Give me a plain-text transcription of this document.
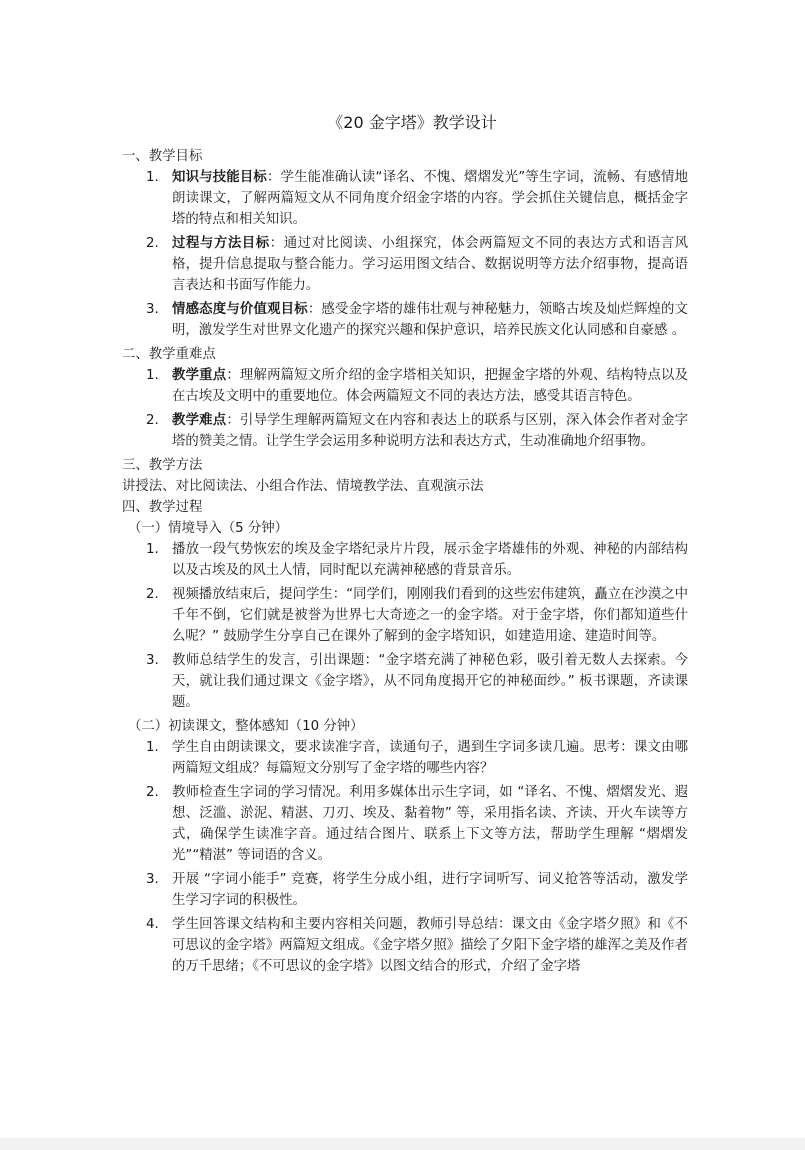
《20 金字塔》教学设计
一、教学目标
1. 知识与技能目标：学生能准确认读“译名、不愧、熠熠发光”等生字词，流畅、有感情地朗读课文，了解两篇短文从不同角度介绍金字塔的内容。学会抓住关键信息，概括金字塔的特点和相关知识。
2. 过程与方法目标：通过对比阅读、小组探究，体会两篇短文不同的表达方式和语言风格，提升信息提取与整合能力。学习运用图文结合、数据说明等方法介绍事物，提高语言表达和书面写作能力。
3. 情感态度与价值观目标：感受金字塔的雄伟壮观与神秘魅力，领略古埃及灿烂辉煌的文明，激发学生对世界文化遗产的探究兴趣和保护意识，培养民族文化认同感和自豪感 。
二、教学重难点
1. 教学重点：理解两篇短文所介绍的金字塔相关知识，把握金字塔的外观、结构特点以及在古埃及文明中的重要地位。体会两篇短文不同的表达方法，感受其语言特色。
2. 教学难点：引导学生理解两篇短文在内容和表达上的联系与区别，深入体会作者对金字塔的赞美之情。让学生学会运用多种说明方法和表达方式，生动准确地介绍事物。
三、教学方法
讲授法、对比阅读法、小组合作法、情境教学法、直观演示法
四、教学过程
（一）情境导入（5 分钟）
1. 播放一段气势恢宏的埃及金字塔纪录片片段，展示金字塔雄伟的外观、神秘的内部结构以及古埃及的风土人情，同时配以充满神秘感的背景音乐。
2. 视频播放结束后，提问学生：“同学们，刚刚我们看到的这些宏伟建筑，矗立在沙漠之中千年不倒，它们就是被誉为世界七大奇迹之一的金字塔。对于金字塔，你们都知道些什么呢？” 鼓励学生分享自己在课外了解到的金字塔知识，如建造用途、建造时间等。
3. 教师总结学生的发言，引出课题：“金字塔充满了神秘色彩，吸引着无数人去探索。今天，就让我们通过课文《金字塔》，从不同角度揭开它的神秘面纱。” 板书课题，齐读课题。
（二）初读课文，整体感知（10 分钟）
1. 学生自由朗读课文，要求读准字音，读通句子，遇到生字词多读几遍。思考：课文由哪两篇短文组成？每篇短文分别写了金字塔的哪些内容？
2. 教师检查生字词的学习情况。利用多媒体出示生字词，如 “译名、不愧、熠熠发光、遐想、泛滥、淤泥、精湛、刀刃、埃及、黏着物” 等，采用指名读、齐读、开火车读等方式，确保学生读准字音。通过结合图片、联系上下文等方法，帮助学生理解 “熠熠发光”“精湛” 等词语的含义。
3. 开展 “字词小能手” 竞赛，将学生分成小组，进行字词听写、词义抢答等活动，激发学生学习字词的积极性。
4. 学生回答课文结构和主要内容相关问题，教师引导总结：课文由《金字塔夕照》和《不可思议的金字塔》两篇短文组成。《金字塔夕照》描绘了夕阳下金字塔的雄浑之美及作者的万千思绪；《不可思议的金字塔》以图文结合的形式，介绍了金字塔
